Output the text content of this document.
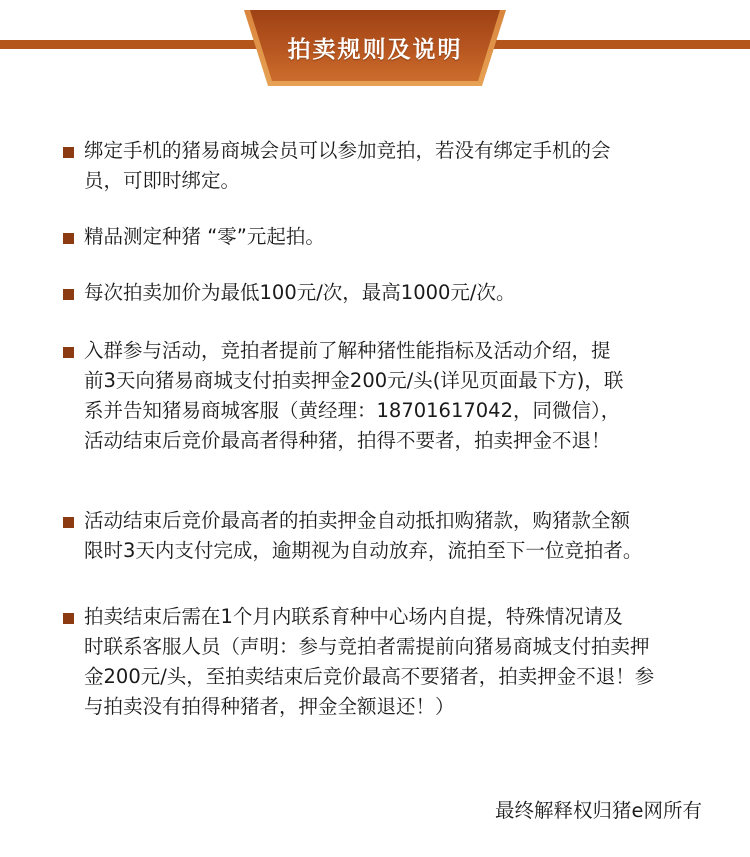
拍卖规则及说明

绑定手机的猪易商城会员可以参加竞拍，若没有绑定手机的会
员，可即时绑定。

精品测定种猪 “零”元起拍。

每次拍卖加价为最低100元/次，最高1000元/次。

入群参与活动，竞拍者提前了解种猪性能指标及活动介绍，提
前3天向猪易商城支付拍卖押金200元/头(详见页面最下方)，联
系并告知猪易商城客服（黄经理：18701617042，同微信），
活动结束后竞价最高者得种猪，拍得不要者，拍卖押金不退！

活动结束后竞价最高者的拍卖押金自动抵扣购猪款，购猪款全额
限时3天内支付完成，逾期视为自动放弃，流拍至下一位竞拍者。

拍卖结束后需在1个月内联系育种中心场内自提，特殊情况请及
时联系客服人员（声明：参与竞拍者需提前向猪易商城支付拍卖押
金200元/头，至拍卖结束后竞价最高不要猪者，拍卖押金不退！参
与拍卖没有拍得种猪者，押金全额退还！）

最终解释权归猪e网所有
